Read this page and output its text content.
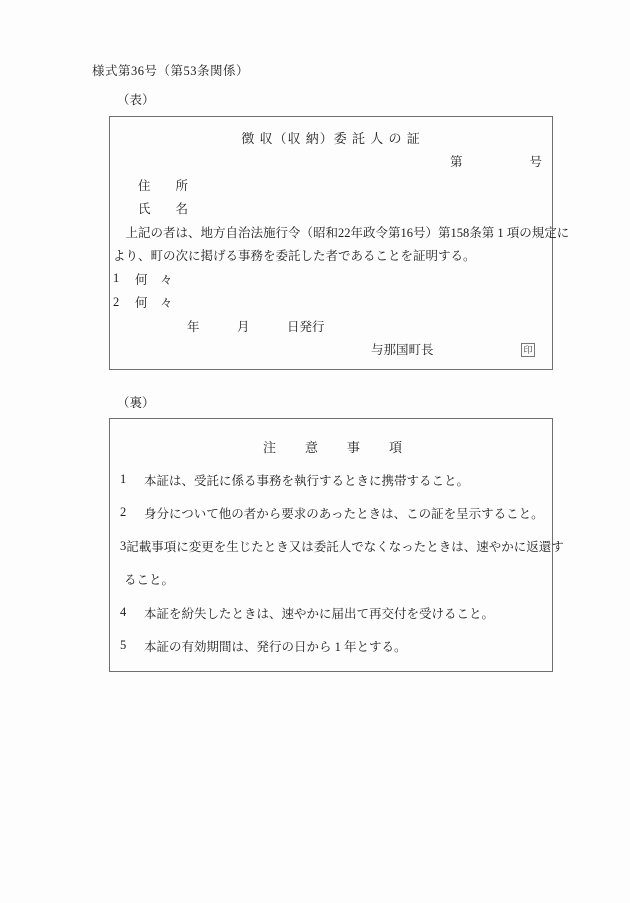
様式第36号（第53条関係）
（表）
徴 収（収 納）委 託 人 の 証
第	号
住　　所
氏　　名
　上記の者は、地方自治法施行令（昭和22年政令第16号）第158条第 1 項の規定に
より、町の次に掲げる事務を委託した者であることを証明する。
1	何　々
2	何　々
年　　　月　　　日発行
与那国町長	印
（裏）
注　　意　　事　　項
1	本証は、受託に係る事務を執行するときに携帯すること。
2	身分について他の者から要求のあったときは、この証を呈示すること。
3 記載事項に変更を生じたとき又は委託人でなくなったときは、速やかに返還す
ること。
4	本証を紛失したときは、速やかに届出て再交付を受けること。
5	本証の有効期間は、発行の日から 1 年とする。
